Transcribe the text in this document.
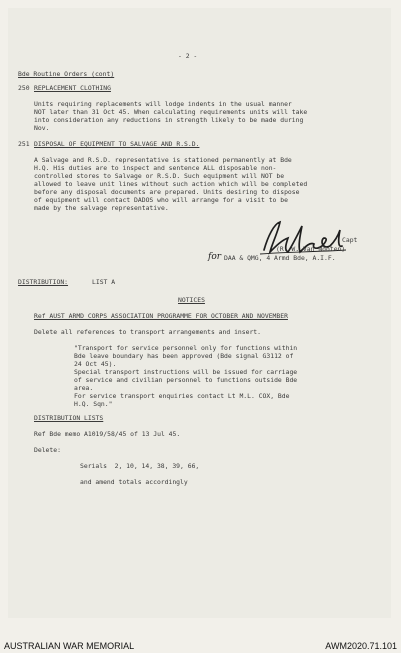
- 2 -
Bde Routine Orders (cont)
250 REPLACEMENT CLOTHING
Units requiring replacements will lodge indents in the usual manner
NOT later than 31 Oct 45. When calculating requirements units will take
into consideration any reductions in strength likely to be made during
Nov.
251 DISPOSAL OF EQUIPMENT TO SALVAGE AND R.S.D.
A Salvage and R.S.D. representative is stationed permanently at Bde
H.Q. His duties are to inspect and sentence ALL disposable non-
controlled stores to Salvage or R.S.D. Such equipment will NOT be
allowed to leave unit lines without such action which will be completed
before any disposal documents are prepared. Units desiring to dispose
of equipment will contact DADOS who will arrange for a visit to be
made by the salvage representative.
Capt
(R. W. Van Nooten)
for DAA & QMG, 4 Armd Bde, A.I.F.
DISTRIBUTION:	LIST A
NOTICES
Ref AUST ARMD CORPS ASSOCIATION PROGRAMME FOR OCTOBER AND NOVEMBER
Delete all references to transport arrangements and insert.
"Transport for service personnel only for functions within
Bde leave boundary has been approved (Bde signal G3112 of
24 Oct 45).
Special transport instructions will be issued for carriage
of service and civilian personnel to functions outside Bde
area.
For service transport enquiries contact Lt M.L. COX, Bde
H.Q. Sqn."
DISTRIBUTION LISTS
Ref Bde memo A1019/58/45 of 13 Jul 45.
Delete:
Serials  2, 10, 14, 38, 39, 66,
and amend totals accordingly
AUSTRALIAN WAR MEMORIAL	AWM2020.71.101
